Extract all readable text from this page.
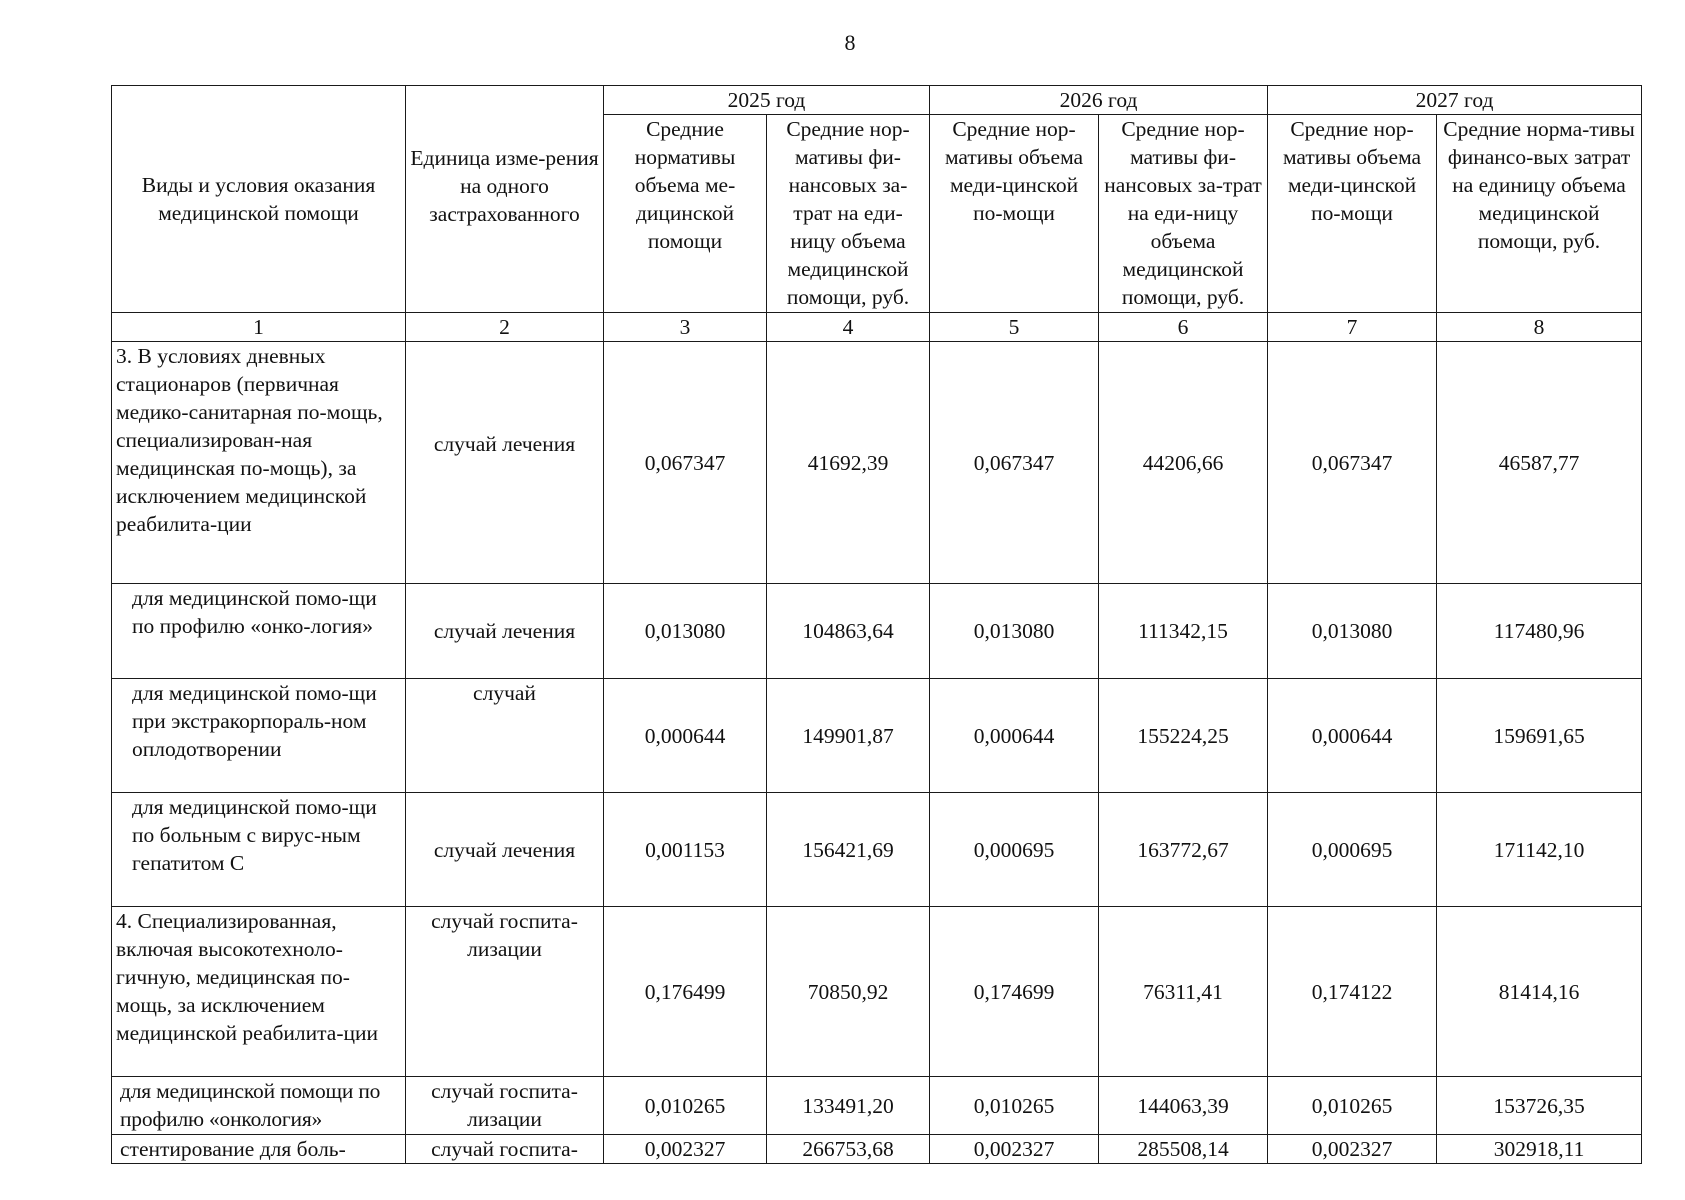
8
Виды и условия оказания медицинской помощи	Единица изме-рения на одного застрахованного	2025 год		2026 год		2027 год	
		Средние нормативы объема ме-дицинской помощи	Средние нор-мативы фи-нансовых за-трат на еди-ницу объема медицинской помощи, руб.	Средние нор-мативы объема меди-цинской по-мощи	Средние нор-мативы фи-нансовых за-трат на еди-ницу объема медицинской помощи, руб.	Средние нор-мативы объема меди-цинской по-мощи	Средние норма-тивы финансо-вых затрат на единицу объема медицинской помощи, руб.
1	2	3	4	5	6	7	8
3. В условиях дневных стационаров (первичная медико-санитарная по-мощь, специализирован-ная медицинская по-мощь), за исключением медицинской реабилита-ции	случай лечения	0,067347	41692,39	0,067347	44206,66	0,067347	46587,77
для медицинской помо-щи по профилю «онко-логия»	случай лечения	0,013080	104863,64	0,013080	111342,15	0,013080	117480,96
для медицинской помо-щи при экстракорпораль-ном оплодотворении	случай	0,000644	149901,87	0,000644	155224,25	0,000644	159691,65
для медицинской помо-щи по больным с вирус-ным гепатитом С	случай лечения	0,001153	156421,69	0,000695	163772,67	0,000695	171142,10
4. Специализированная, включая высокотехноло-гичную, медицинская по-мощь, за исключением медицинской реабилита-ции	случай госпита-лизации	0,176499	70850,92	0,174699	76311,41	0,174122	81414,16
для медицинской помощи по профилю «онкология»	случай госпита-лизации	0,010265	133491,20	0,010265	144063,39	0,010265	153726,35
стентирование для боль-	случай госпита-	0,002327	266753,68	0,002327	285508,14	0,002327	302918,11
